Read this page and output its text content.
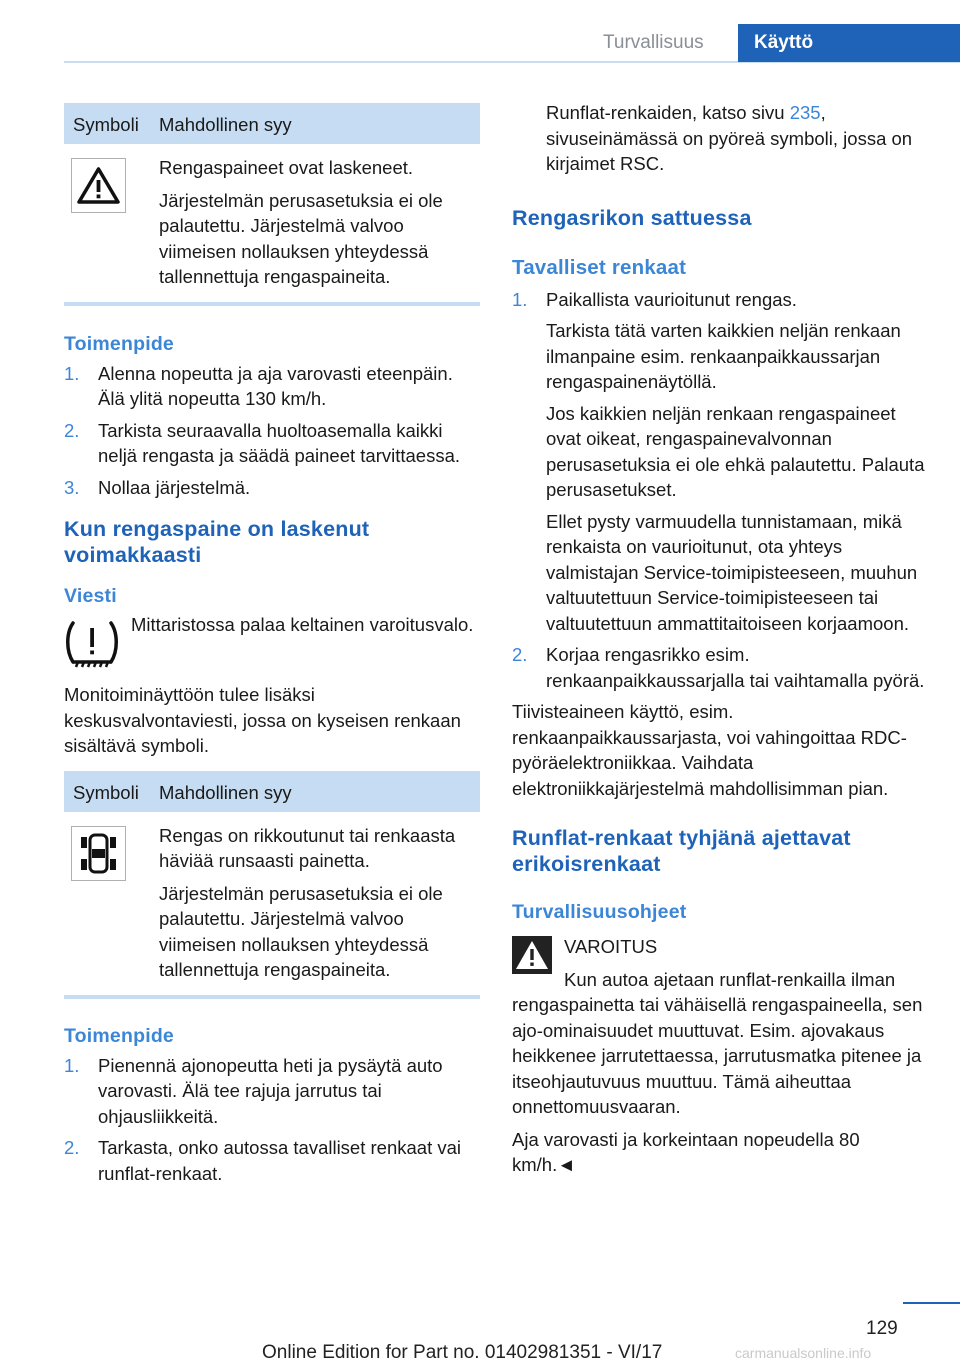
Turvallisuus	Käyttö
Symboli Mahdollinen syy

Rengaspaineet ovat laskeneet.

Järjestelmän perusasetuksia ei ole palautettu. Järjestelmä valvoo viimeisen nollauksen yhteydessä tallennettuja rengaspaineita.

Toimenpide
1. Alenna nopeutta ja aja varovasti eteenpäin. Älä ylitä nopeutta 130 km/h.
2. Tarkista seuraavalla huoltoasemalla kaikki neljä rengasta ja säädä paineet tarvittaessa.
3. Nollaa järjestelmä.
Kun rengaspaine on laskenut voimakkaasti
Viesti

Mittaristossa palaa keltainen varoitusvalo.

Monitoiminäyttöön tulee lisäksi keskusvalvontaviesti, jossa on kyseisen renkaan sisältävä symboli.

Symboli Mahdollinen syy

Rengas on rikkoutunut tai renkaasta häviää runsaasti painetta.

Järjestelmän perusasetuksia ei ole palautettu. Järjestelmä valvoo viimeisen nollauksen yhteydessä tallennettuja rengaspaineita.

Toimenpide
1. Pienennä ajonopeutta heti ja pysäytä auto varovasti. Älä tee rajuja jarrutus tai ohjausliikkeitä.
2. Tarkasta, onko autossa tavalliset renkaat vai runflat-renkaat.

Runflat-renkaiden, katso sivu 235, sivuseinämässä on pyöreä symboli, jossa on kirjaimet RSC.

Rengasrikon sattuessa
Tavalliset renkaat
1. Paikallista vaurioitunut rengas.

Tarkista tätä varten kaikkien neljän renkaan ilmanpaine esim. renkaanpaikkaussarjan rengaspainenäytöllä.

Jos kaikkien neljän renkaan rengaspaineet ovat oikeat, rengaspainevalvonnan perusasetuksia ei ole ehkä palautettu. Palauta perusasetukset.

Ellet pysty varmuudella tunnistamaan, mikä renkaista on vaurioitunut, ota yhteys valmistajan Service-toimipisteeseen, muuhun valtuutettuun Service-toimipisteeseen tai valtuutettuun ammattitaitoiseen korjaamoon.

2. Korjaa rengasrikko esim. renkaanpaikkaussarjalla tai vaihtamalla pyörä.

Tiivisteaineen käyttö, esim. renkaanpaikkaussarjasta, voi vahingoittaa RDC-pyöräelektroniikkaa. Vaihdata elektroniikkajärjestelmä mahdollisimman pian.

Runflat-renkaat tyhjänä ajettavat erikoisrenkaat
Turvallisuusohjeet

VAROITUS

Kun autoa ajetaan runflat-renkailla ilman rengaspainetta tai vähäisellä rengaspaineella, sen ajo-ominaisuudet muuttuvat. Esim. ajovakaus heikkenee jarrutettaessa, jarrutusmatka pitenee ja itseohjautuvuus muuttuu. Tämä aiheuttaa onnettomuusvaaran.

Aja varovasti ja korkeintaan nopeudella 80 km/h.◄

129
Online Edition for Part no. 01402981351 - VI/17	carmanualsonline.info
